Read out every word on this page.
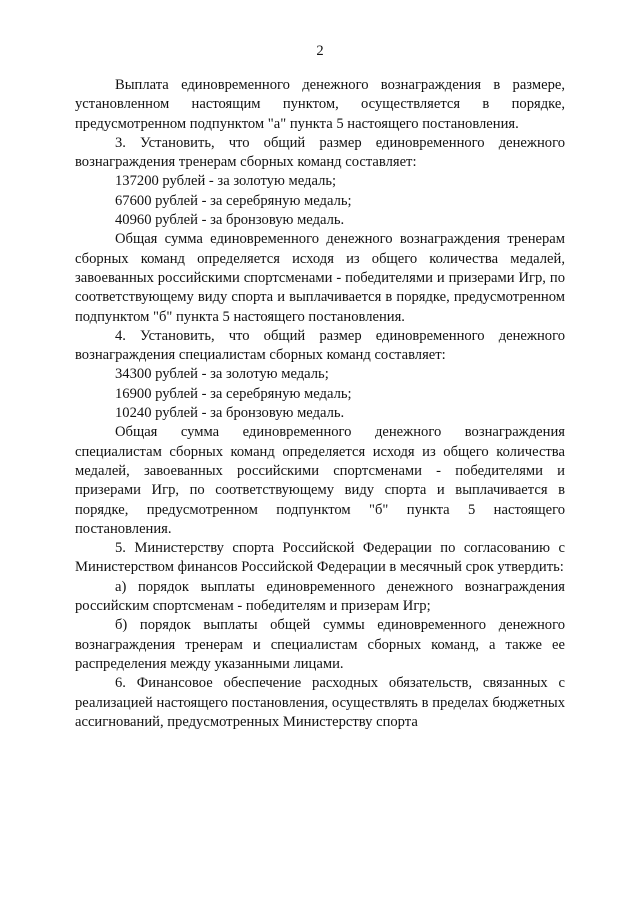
2

Выплата единовременного денежного вознаграждения в размере, установленном настоящим пунктом, осуществляется в порядке, предусмотренном подпунктом "а" пункта 5 настоящего постановления.

3. Установить, что общий размер единовременного денежного вознаграждения тренерам сборных команд составляет:

137200 рублей - за золотую медаль;

67600 рублей - за серебряную медаль;

40960 рублей - за бронзовую медаль.

Общая сумма единовременного денежного вознаграждения тренерам сборных команд определяется исходя из общего количества медалей, завоеванных российскими спортсменами - победителями и призерами Игр, по соответствующему виду спорта и выплачивается в порядке, предусмотренном подпунктом "б" пункта 5 настоящего постановления.

4. Установить, что общий размер единовременного денежного вознаграждения специалистам сборных команд составляет:

34300 рублей - за золотую медаль;

16900 рублей - за серебряную медаль;

10240 рублей - за бронзовую медаль.

Общая сумма единовременного денежного вознаграждения специалистам сборных команд определяется исходя из общего количества медалей, завоеванных российскими спортсменами - победителями и призерами Игр, по соответствующему виду спорта и выплачивается в порядке, предусмотренном подпунктом "б" пункта 5 настоящего постановления.

5. Министерству спорта Российской Федерации по согласованию с Министерством финансов Российской Федерации в месячный срок утвердить:

а) порядок выплаты единовременного денежного вознаграждения российским спортсменам - победителям и призерам Игр;

б) порядок выплаты общей суммы единовременного денежного вознаграждения тренерам и специалистам сборных команд, а также ее распределения между указанными лицами.

6. Финансовое обеспечение расходных обязательств, связанных с реализацией настоящего постановления, осуществлять в пределах бюджетных ассигнований, предусмотренных Министерству спорта
